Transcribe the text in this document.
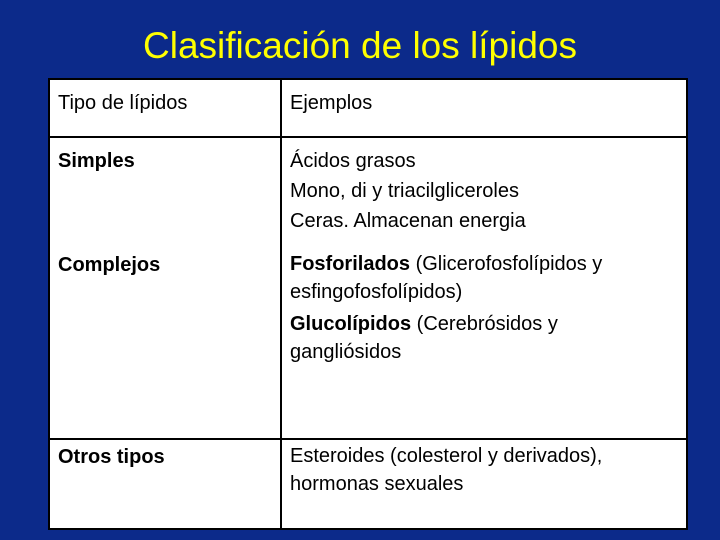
Clasificación de los lípidos
Tipo de lípidos	Ejemplos
Simples	Ácidos grasos
Mono, di y triacilgliceroles
Ceras. Almacenan energia
Complejos	Fosforilados (Glicerofosfolípidos y
esfingofosfolípidos)
Glucolípidos (Cerebrósidos y
gangliósidos
Otros tipos	Esteroides (colesterol y derivados),
hormonas sexuales
